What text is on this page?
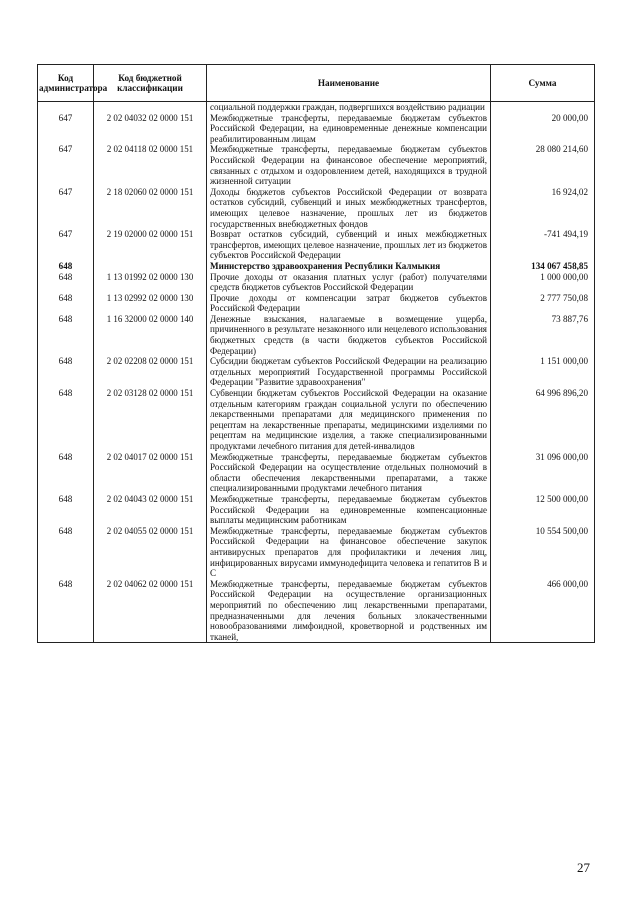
Код администратора	Код бюджетной классификации	Наименование	Сумма
		социальной поддержки граждан, подвергшихся воздействию радиации	
647	2 02 04032 02 0000 151	Межбюджетные трансферты, передаваемые бюджетам субъектов Российской Федерации, на единовременные денежные компенсации реабилитированным лицам	20 000,00
647	2 02 04118 02 0000 151	Межбюджетные трансферты, передаваемые бюджетам субъектов Российской Федерации на финансовое обеспечение мероприятий, связанных с отдыхом и оздоровлением детей, находящихся в трудной жизненной ситуации	28 080 214,60
647	2 18 02060 02 0000 151	Доходы бюджетов субъектов Российской Федерации от возврата остатков субсидий, субвенций и иных межбюджетных трансфертов, имеющих целевое назначение, прошлых лет из бюджетов государственных внебюджетных фондов	16 924,02
647	2 19 02000 02 0000 151	Возврат остатков субсидий, субвенций и иных межбюджетных трансфертов, имеющих целевое назначение, прошлых лет из бюджетов субъектов Российской Федерации	-741 494,19
648		Министерство здравоохранения Республики Калмыкия	134 067 458,85
648	1 13 01992 02 0000 130	Прочие доходы от оказания платных услуг (работ) получателями средств бюджетов субъектов Российской Федерации	1 000 000,00
648	1 13 02992 02 0000 130	Прочие доходы от компенсации затрат бюджетов субъектов Российской Федерации	2 777 750,08
648	1 16 32000 02 0000 140	Денежные взыскания, налагаемые в возмещение ущерба, причиненного в результате незаконного или нецелевого использования бюджетных средств (в части бюджетов субъектов Российской Федерации)	73 887,76
648	2 02 02208 02 0000 151	Субсидии бюджетам субъектов Российской Федерации на реализацию отдельных мероприятий Государственной программы Российской Федерации "Развитие здравоохранения"	1 151 000,00
648	2 02 03128 02 0000 151	Субвенции бюджетам субъектов Российской Федерации на оказание отдельным категориям граждан социальной услуги по обеспечению лекарственными препаратами для медицинского применения по рецептам на лекарственные препараты, медицинскими изделиями по рецептам на медицинские изделия, а также специализированными продуктами лечебного питания для детей-инвалидов	64 996 896,20
648	2 02 04017 02 0000 151	Межбюджетные трансферты, передаваемые бюджетам субъектов Российской Федерации на осуществление отдельных полномочий в области обеспечения лекарственными препаратами, а также специализированными продуктами лечебного питания	31 096 000,00
648	2 02 04043 02 0000 151	Межбюджетные трансферты, передаваемые бюджетам субъектов Российской Федерации на единовременные компенсационные выплаты медицинским работникам	12 500 000,00
648	2 02 04055 02 0000 151	Межбюджетные трансферты, передаваемые бюджетам субъектов Российской Федерации на финансовое обеспечение закупок антивирусных препаратов для профилактики и лечения лиц, инфицированных вирусами иммунодефицита человека и гепатитов В и С	10 554 500,00
648	2 02 04062 02 0000 151	Межбюджетные трансферты, передаваемые бюджетам субъектов Российской Федерации на осуществление организационных мероприятий по обеспечению лиц лекарственными препаратами, предназначенными для лечения больных злокачественными новообразованиями лимфоидной, кроветворной и родственных им тканей,	466 000,00
27
